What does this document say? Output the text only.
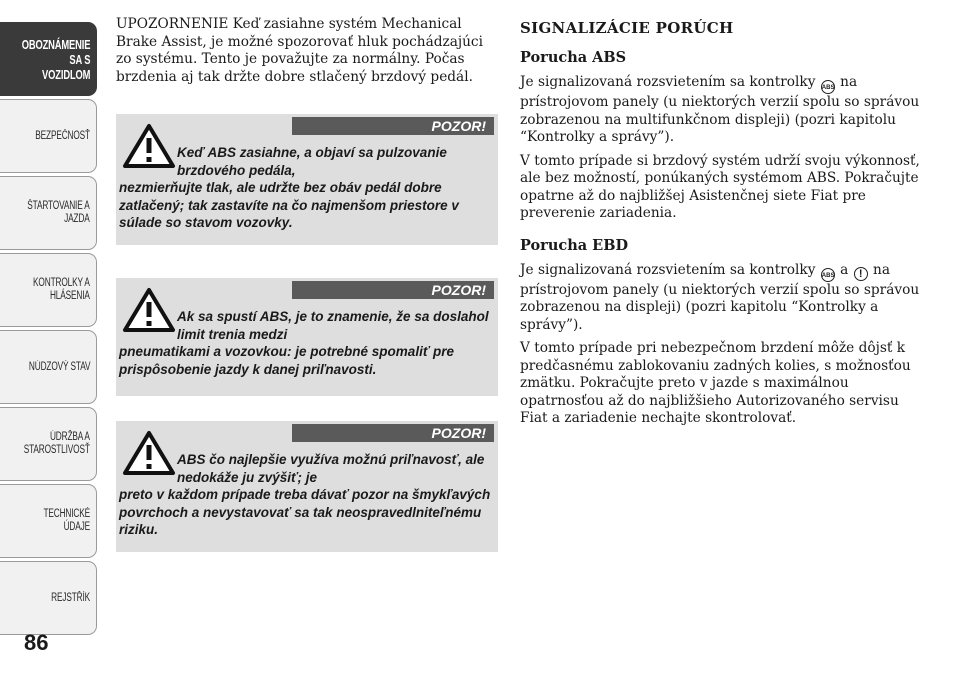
OBOZNÁMENIE
SA S VOZIDLOM
BEZPEČNOSŤ
ŠTARTOVANIE A
JAZDA
KONTROLKY A
HLÁSENIA
NÚDZOVÝ STAV
ÚDRŽBA A
STAROSTLIVOSŤ
TECHNICKÉ ÚDAJE
REJSTŘÍK
86

UPOZORNENIE Keď zasiahne systém Mechanical Brake Assist, je možné spozorovať hluk pochádzajúci zo systému. Tento je považujte za normálny. Počas brzdenia aj tak držte dobre stlačený brzdový pedál.

POZOR!
Keď ABS zasiahne, a objaví sa pulzovanie brzdového pedála,
nezmierňujte tlak, ale udržte bez obáv pedál dobre zatlačený; tak zastavíte na čo najmenšom priestore v súlade so stavom vozovky.
POZOR!
Ak sa spustí ABS, je to znamenie, že sa doslahol limit trenia medzi
pneumatikami a vozovkou: je potrebné spomaliť pre prispôsobenie jazdy k danej priľnavosti.
POZOR!
ABS čo najlepšie využíva možnú priľnavosť, ale nedokáže ju zvýšiť; je
preto v každom prípade treba dávať pozor na šmykľavých povrchoch a nevystavovať sa tak neospravedlniteľnému riziku.
SIGNALIZÁCIE PORÚCH
Porucha ABS

Je signalizovaná rozsvietením sa kontrolky ABS na prístrojovom panely (u niektorých verzií spolu so správou zobrazenou na multifunkčnom displeji) (pozri kapitolu “Kontrolky a správy”).

V tomto prípade si brzdový systém udrží svoju výkonnosť, ale bez možností, ponúkaných systémom ABS. Pokračujte opatrne až do najbližšej Asistenčnej siete Fiat pre preverenie zariadenia.

Porucha EBD

Je signalizovaná rozsvietením sa kontrolky ABS a ! na prístrojovom panely (u niektorých verzií spolu so správou zobrazenou na displeji) (pozri kapitolu “Kontrolky a správy”).

V tomto prípade pri nebezpečnom brzdení môže dôjsť k predčasnému zablokovaniu zadných kolies, s možnosťou zmätku. Pokračujte preto v jazde s maximálnou opatrnosťou až do najbližšieho Autorizovaného servisu Fiat a zariadenie nechajte skontrolovať.
